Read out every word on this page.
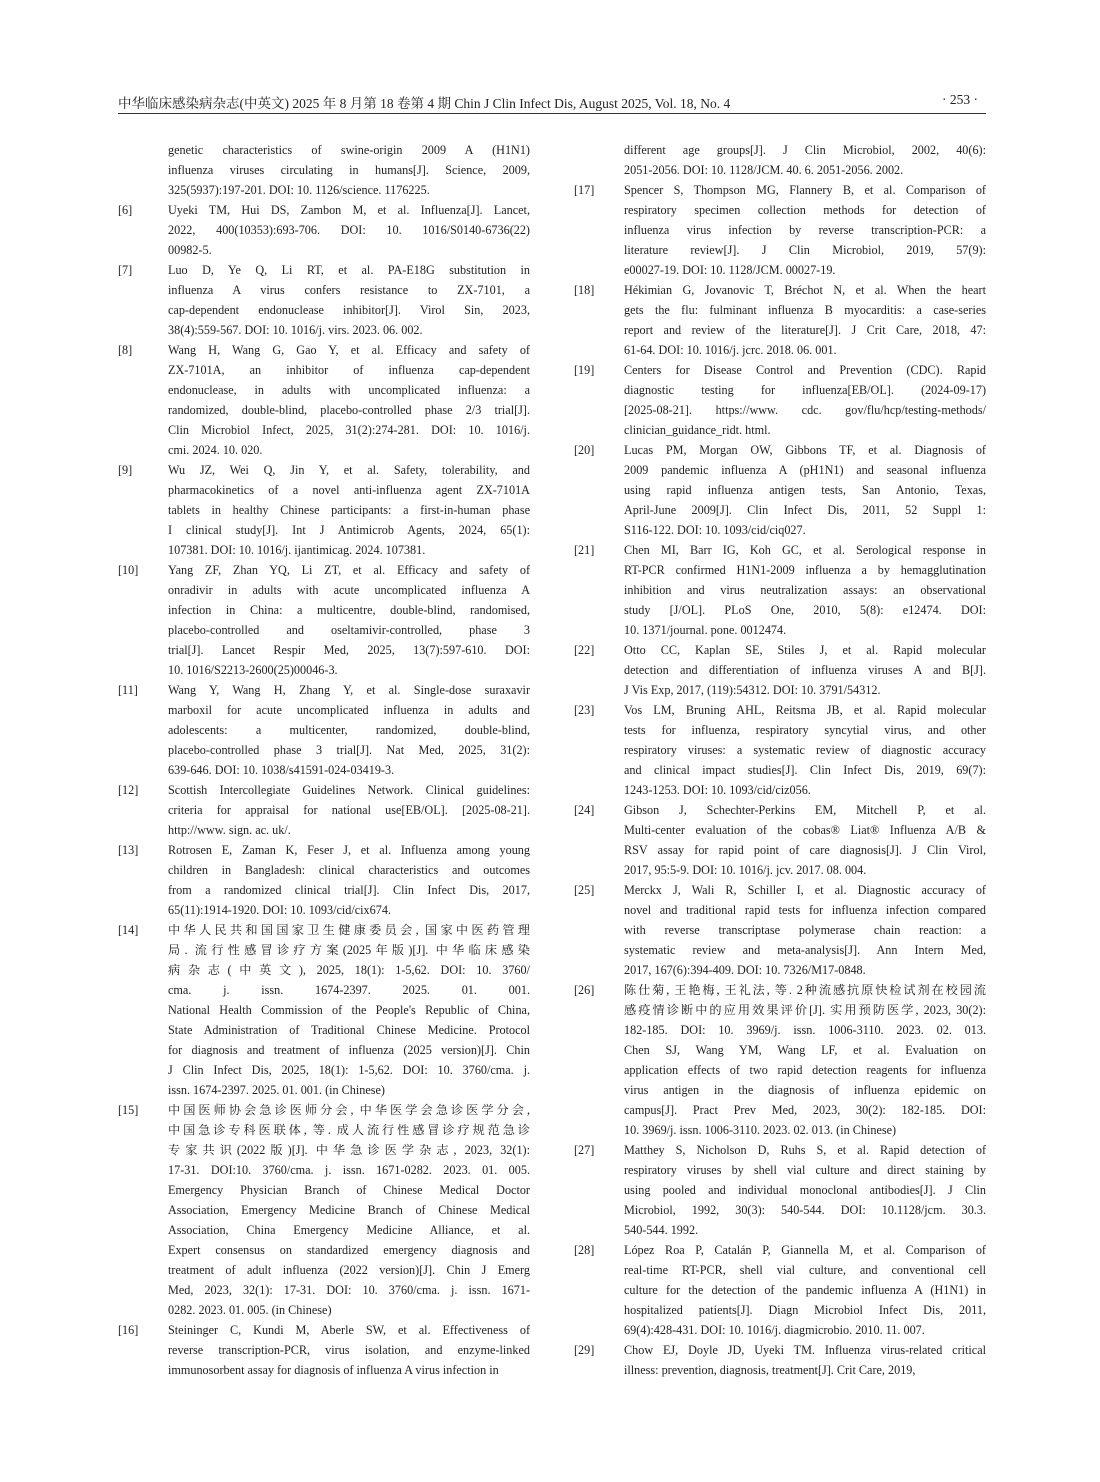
中华临床感染病杂志(中英文) 2025 年 8 月第 18 卷第 4 期 Chin J Clin Infect Dis, August 2025, Vol. 18, No. 4	· 253 ·
genetic characteristics of swine-origin 2009 A (H1N1)
influenza viruses circulating in humans[J]. Science, 2009,
325(5937):197-201. DOI: 10. 1126/science. 1176225.
[6]	Uyeki TM, Hui DS, Zambon M, et al. Influenza[J]. Lancet,
2022, 400(10353):693-706. DOI: 10. 1016/S0140-6736(22)
00982-5.
[7]	Luo D, Ye Q, Li RT, et al. PA-E18G substitution in
influenza A virus confers resistance to ZX-7101, a
cap-dependent endonuclease inhibitor[J]. Virol Sin, 2023,
38(4):559-567. DOI: 10. 1016/j. virs. 2023. 06. 002.
[8]	Wang H, Wang G, Gao Y, et al. Efficacy and safety of
ZX-7101A, an inhibitor of influenza cap-dependent
endonuclease, in adults with uncomplicated influenza: a
randomized, double-blind, placebo-controlled phase 2/3 trial[J].
Clin Microbiol Infect, 2025, 31(2):274-281. DOI: 10. 1016/j.
cmi. 2024. 10. 020.
[9]	Wu JZ, Wei Q, Jin Y, et al. Safety, tolerability, and
pharmacokinetics of a novel anti-influenza agent ZX-7101A
tablets in healthy Chinese participants: a first-in-human phase
I clinical study[J]. Int J Antimicrob Agents, 2024, 65(1):
107381. DOI: 10. 1016/j. ijantimicag. 2024. 107381.
[10]	Yang ZF, Zhan YQ, Li ZT, et al. Efficacy and safety of
onradivir in adults with acute uncomplicated influenza A
infection in China: a multicentre, double-blind, randomised,
placebo-controlled and oseltamivir-controlled, phase 3
trial[J]. Lancet Respir Med, 2025, 13(7):597-610. DOI:
10. 1016/S2213-2600(25)00046-3.
[11]	Wang Y, Wang H, Zhang Y, et al. Single-dose suraxavir
marboxil for acute uncomplicated influenza in adults and
adolescents: a multicenter, randomized, double-blind,
placebo-controlled phase 3 trial[J]. Nat Med, 2025, 31(2):
639-646. DOI: 10. 1038/s41591-024-03419-3.
[12]	Scottish Intercollegiate Guidelines Network. Clinical guidelines:
criteria for appraisal for national use[EB/OL]. [2025-08-21].
http://www. sign. ac. uk/.
[13]	Rotrosen E, Zaman K, Feser J, et al. Influenza among young
children in Bangladesh: clinical characteristics and outcomes
from a randomized clinical trial[J]. Clin Infect Dis, 2017,
65(11):1914-1920. DOI: 10. 1093/cid/cix674.
[14]	中华人民共和国国家卫生健康委员会, 国家中医药管理
局. 流行性感冒诊疗方案(2025年版)[J]. 中华临床感染
病杂志(中英文), 2025, 18(1): 1-5,62. DOI: 10. 3760/
cma. j. issn. 1674-2397. 2025. 01. 001.
National Health Commission of the People's Republic of China,
State Administration of Traditional Chinese Medicine. Protocol
for diagnosis and treatment of influenza (2025 version)[J]. Chin
J Clin Infect Dis, 2025, 18(1): 1-5,62. DOI: 10. 3760/cma. j.
issn. 1674-2397. 2025. 01. 001. (in Chinese)
[15]	中国医师协会急诊医师分会, 中华医学会急诊医学分会,
中国急诊专科医联体, 等. 成人流行性感冒诊疗规范急诊
专家共识(2022版)[J]. 中华急诊医学杂志, 2023, 32(1):
17-31. DOI:10. 3760/cma. j. issn. 1671-0282. 2023. 01. 005.
Emergency Physician Branch of Chinese Medical Doctor
Association, Emergency Medicine Branch of Chinese Medical
Association, China Emergency Medicine Alliance, et al.
Expert consensus on standardized emergency diagnosis and
treatment of adult influenza (2022 version)[J]. Chin J Emerg
Med, 2023, 32(1): 17-31. DOI: 10. 3760/cma. j. issn. 1671-
0282. 2023. 01. 005. (in Chinese)
[16]	Steininger C, Kundi M, Aberle SW, et al. Effectiveness of
reverse transcription-PCR, virus isolation, and enzyme-linked
immunosorbent assay for diagnosis of influenza A virus infection in
different age groups[J]. J Clin Microbiol, 2002, 40(6):
2051-2056. DOI: 10. 1128/JCM. 40. 6. 2051-2056. 2002.
[17]	Spencer S, Thompson MG, Flannery B, et al. Comparison of
respiratory specimen collection methods for detection of
influenza virus infection by reverse transcription-PCR: a
literature review[J]. J Clin Microbiol, 2019, 57(9):
e00027-19. DOI: 10. 1128/JCM. 00027-19.
[18]	Hékimian G, Jovanovic T, Bréchot N, et al. When the heart
gets the flu: fulminant influenza B myocarditis: a case-series
report and review of the literature[J]. J Crit Care, 2018, 47:
61-64. DOI: 10. 1016/j. jcrc. 2018. 06. 001.
[19]	Centers for Disease Control and Prevention (CDC). Rapid
diagnostic testing for influenza[EB/OL]. (2024-09-17)
[2025-08-21]. https://www. cdc. gov/flu/hcp/testing-methods/
clinician_guidance_ridt. html.
[20]	Lucas PM, Morgan OW, Gibbons TF, et al. Diagnosis of
2009 pandemic influenza A (pH1N1) and seasonal influenza
using rapid influenza antigen tests, San Antonio, Texas,
April-June 2009[J]. Clin Infect Dis, 2011, 52 Suppl 1:
S116-122. DOI: 10. 1093/cid/ciq027.
[21]	Chen MI, Barr IG, Koh GC, et al. Serological response in
RT-PCR confirmed H1N1-2009 influenza a by hemagglutination
inhibition and virus neutralization assays: an observational
study [J/OL]. PLoS One, 2010, 5(8): e12474. DOI:
10. 1371/journal. pone. 0012474.
[22]	Otto CC, Kaplan SE, Stiles J, et al. Rapid molecular
detection and differentiation of influenza viruses A and B[J].
J Vis Exp, 2017, (119):54312. DOI: 10. 3791/54312.
[23]	Vos LM, Bruning AHL, Reitsma JB, et al. Rapid molecular
tests for influenza, respiratory syncytial virus, and other
respiratory viruses: a systematic review of diagnostic accuracy
and clinical impact studies[J]. Clin Infect Dis, 2019, 69(7):
1243-1253. DOI: 10. 1093/cid/ciz056.
[24]	Gibson J, Schechter-Perkins EM, Mitchell P, et al.
Multi-center evaluation of the cobas® Liat® Influenza A/B &
RSV assay for rapid point of care diagnosis[J]. J Clin Virol,
2017, 95:5-9. DOI: 10. 1016/j. jcv. 2017. 08. 004.
[25]	Merckx J, Wali R, Schiller I, et al. Diagnostic accuracy of
novel and traditional rapid tests for influenza infection compared
with reverse transcriptase polymerase chain reaction: a
systematic review and meta-analysis[J]. Ann Intern Med,
2017, 167(6):394-409. DOI: 10. 7326/M17-0848.
[26]	陈仕菊, 王艳梅, 王礼法, 等. 2种流感抗原快检试剂在校园流
感疫情诊断中的应用效果评价[J]. 实用预防医学, 2023, 30(2):
182-185. DOI: 10. 3969/j. issn. 1006-3110. 2023. 02. 013.
Chen SJ, Wang YM, Wang LF, et al. Evaluation on
application effects of two rapid detection reagents for influenza
virus antigen in the diagnosis of influenza epidemic on
campus[J]. Pract Prev Med, 2023, 30(2): 182-185. DOI:
10. 3969/j. issn. 1006-3110. 2023. 02. 013. (in Chinese)
[27]	Matthey S, Nicholson D, Ruhs S, et al. Rapid detection of
respiratory viruses by shell vial culture and direct staining by
using pooled and individual monoclonal antibodies[J]. J Clin
Microbiol, 1992, 30(3): 540-544. DOI: 10.1128/jcm. 30.3.
540-544. 1992.
[28]	López Roa P, Catalán P, Giannella M, et al. Comparison of
real-time RT-PCR, shell vial culture, and conventional cell
culture for the detection of the pandemic influenza A (H1N1) in
hospitalized patients[J]. Diagn Microbiol Infect Dis, 2011,
69(4):428-431. DOI: 10. 1016/j. diagmicrobio. 2010. 11. 007.
[29]	Chow EJ, Doyle JD, Uyeki TM. Influenza virus-related critical
illness: prevention, diagnosis, treatment[J]. Crit Care, 2019,
